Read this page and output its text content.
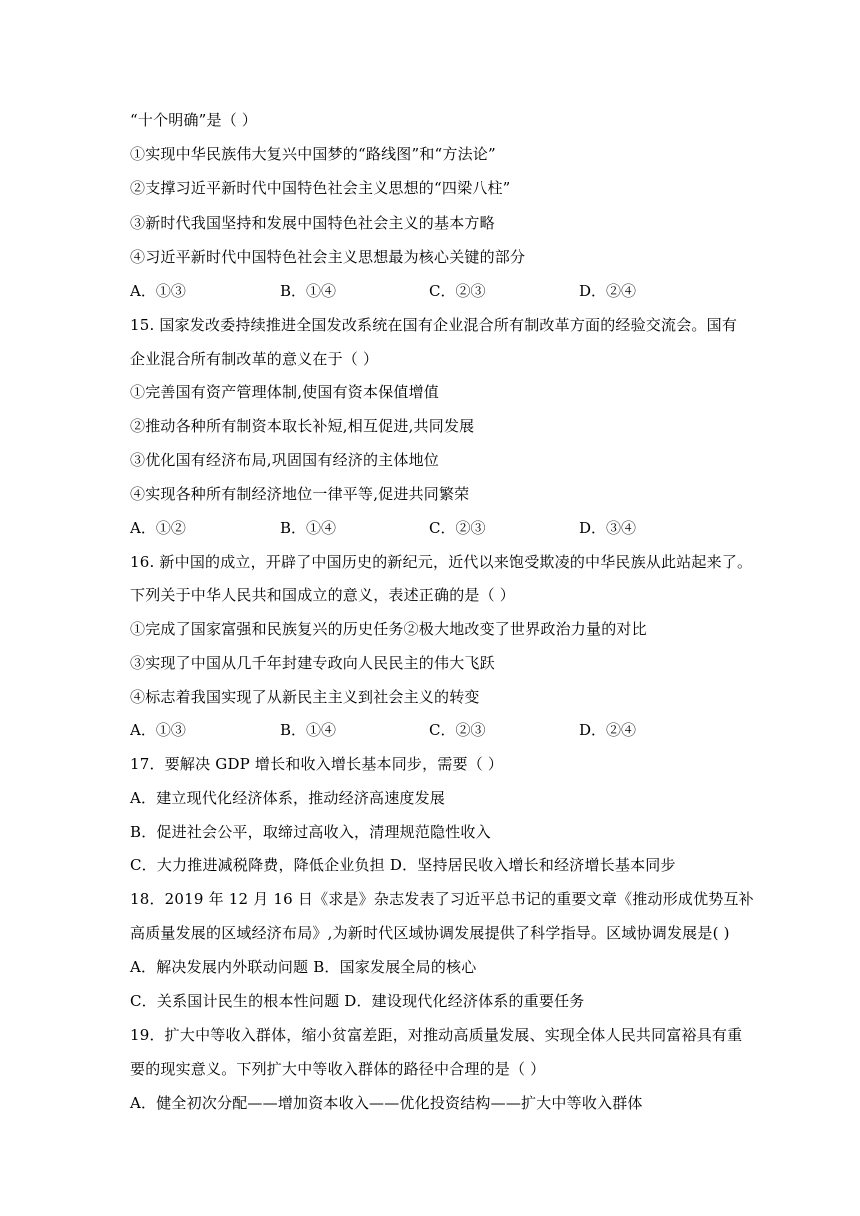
“十个明确”是（ ）
①实现中华民族伟大复兴中国梦的“路线图”和“方法论”
②支撑习近平新时代中国特色社会主义思想的“四梁八柱”
③新时代我国坚持和发展中国特色社会主义的基本方略
④习近平新时代中国特色社会主义思想最为核心关键的部分
A．①③	B．①④	C．②③	D．②④
15. 国家发改委持续推进全国发改系统在国有企业混合所有制改革方面的经验交流会。国有
企业混合所有制改革的意义在于（ ）
①完善国有资产管理体制,使国有资本保值增值
②推动各种所有制资本取长补短,相互促进,共同发展
③优化国有经济布局,巩固国有经济的主体地位
④实现各种所有制经济地位一律平等,促进共同繁荣
A．①②	B．①④	C．②③	D．③④
16. 新中国的成立，开辟了中国历史的新纪元，近代以来饱受欺凌的中华民族从此站起来了。
下列关于中华人民共和国成立的意义，表述正确的是（ ）
①完成了国家富强和民族复兴的历史任务②极大地改变了世界政治力量的对比
③实现了中国从几千年封建专政向人民民主的伟大飞跃
④标志着我国实现了从新民主主义到社会主义的转变
A．①③	B．①④	C．②③	D．②④
17．要解决 GDP 增长和收入增长基本同步，需要（ ）
A．建立现代化经济体系，推动经济高速度发展
B．促进社会公平，取缔过高收入，清理规范隐性收入
C．大力推进减税降费，降低企业负担 D．坚持居民收入增长和经济增长基本同步
18．2019 年 12 月 16 日《求是》杂志发表了习近平总书记的重要文章《推动形成优势互补
高质量发展的区域经济布局》,为新时代区域协调发展提供了科学指导。区域协调发展是( )
A．解决发展内外联动问题 B．国家发展全局的核心
C．关系国计民生的根本性问题 D．建设现代化经济体系的重要任务
19．扩大中等收入群体，缩小贫富差距，对推动高质量发展、实现全体人民共同富裕具有重
要的现实意义。下列扩大中等收入群体的路径中合理的是（ ）
A．健全初次分配——增加资本收入——优化投资结构——扩大中等收入群体
